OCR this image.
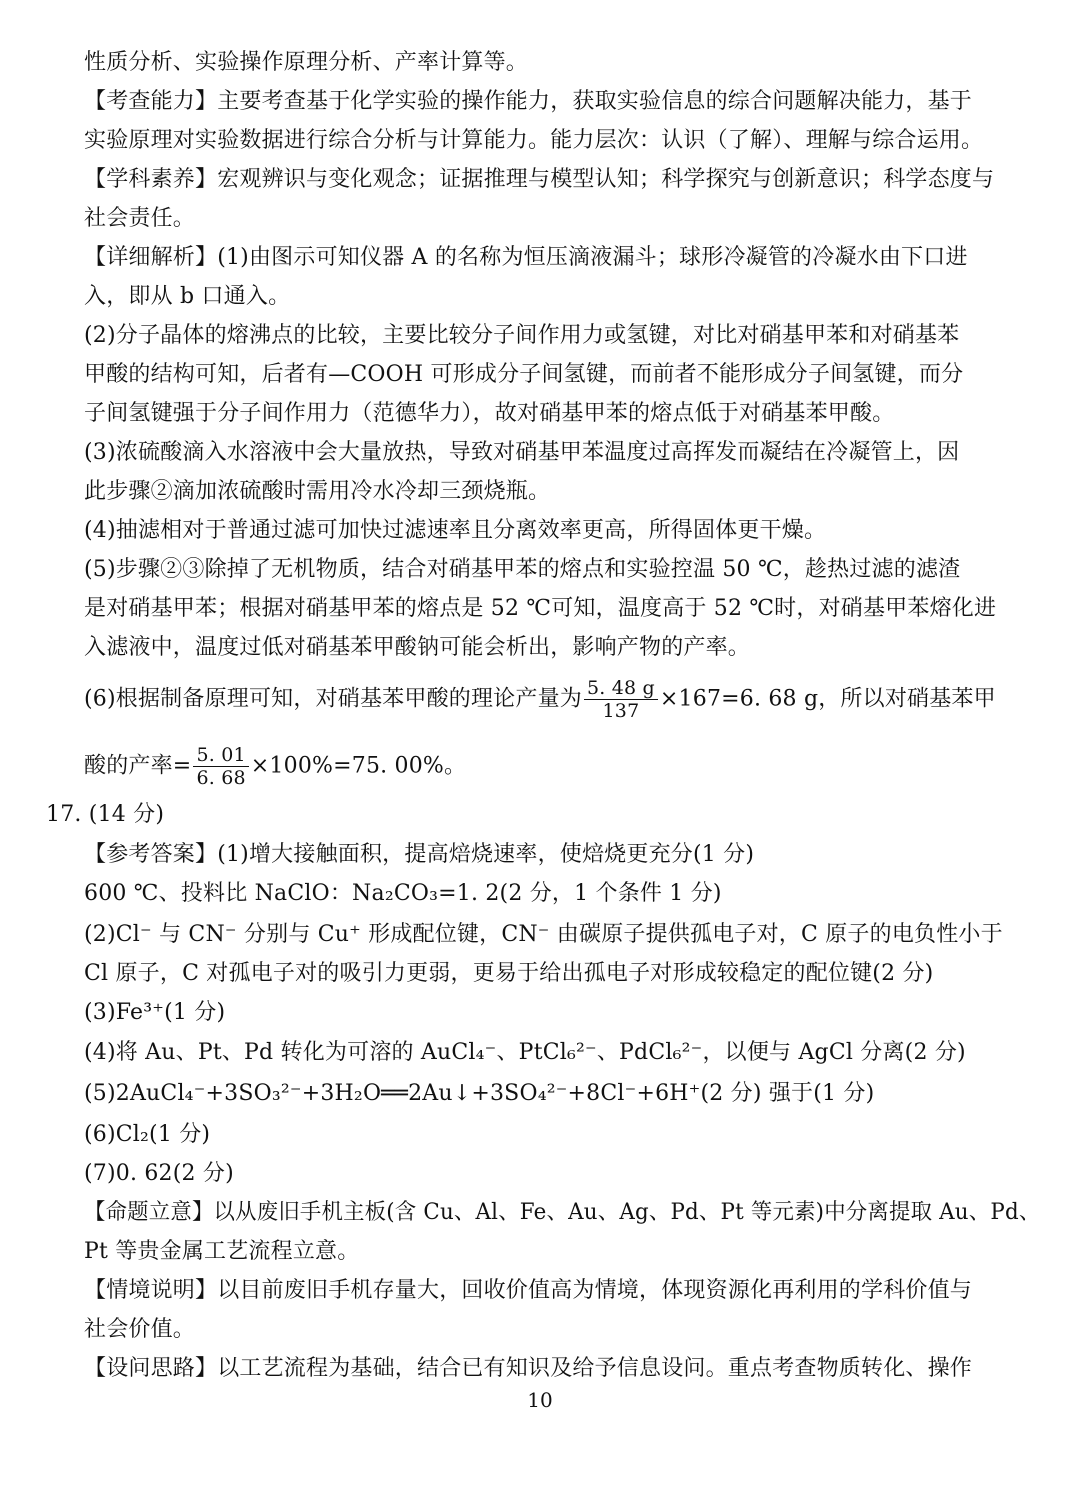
性质分析、实验操作原理分析、产率计算等。
【考查能力】主要考查基于化学实验的操作能力，获取实验信息的综合问题解决能力，基于
实验原理对实验数据进行综合分析与计算能力。能力层次：认识（了解）、理解与综合运用。
【学科素养】宏观辨识与变化观念；证据推理与模型认知；科学探究与创新意识；科学态度与
社会责任。
【详细解析】(1)由图示可知仪器 A 的名称为恒压滴液漏斗；球形冷凝管的冷凝水由下口进
入，即从 b 口通入。
(2)分子晶体的熔沸点的比较，主要比较分子间作用力或氢键，对比对硝基甲苯和对硝基苯
甲酸的结构可知，后者有—COOH 可形成分子间氢键，而前者不能形成分子间氢键，而分
子间氢键强于分子间作用力（范德华力），故对硝基甲苯的熔点低于对硝基苯甲酸。
(3)浓硫酸滴入水溶液中会大量放热，导致对硝基甲苯温度过高挥发而凝结在冷凝管上，因
此步骤②滴加浓硫酸时需用冷水冷却三颈烧瓶。
(4)抽滤相对于普通过滤可加快过滤速率且分离效率更高，所得固体更干燥。
(5)步骤②③除掉了无机物质，结合对硝基甲苯的熔点和实验控温 50 ℃，趁热过滤的滤渣
是对硝基甲苯；根据对硝基甲苯的熔点是 52 ℃可知，温度高于 52 ℃时，对硝基甲苯熔化进
入滤液中，温度过低对硝基苯甲酸钠可能会析出，影响产物的产率。
(6)根据制备原理可知，对硝基苯甲酸的理论产量为 $\frac{5. 48 g}{137} \times 167=6$. 68 g，所以对硝基苯甲
酸的产率= $\frac{5. 01}{6. 68} \times 100\%=75$. 00%。
17. (14 分)
【参考答案】(1)增大接触面积，提高焙烧速率，使焙烧更充分(1 分)
600 ℃、投料比 NaClO：Na₂CO₃=1. 2(2 分，1 个条件 1 分)
(2)Cl⁻ 与 CN⁻ 分别与 Cu⁺ 形成配位键，CN⁻ 由碳原子提供孤电子对，C 原子的电负性小于
Cl 原子，C 对孤电子对的吸引力更弱，更易于给出孤电子对形成较稳定的配位键(2 分)
(3)Fe³⁺(1 分)
(4)将 Au、Pt、Pd 转化为可溶的 AuCl₄⁻、PtCl₆²⁻、PdCl₆²⁻，以便与 AgCl 分离(2 分)
(5)2AuCl₄⁻+3SO₃²⁻+3H₂O══2Au↓+3SO₄²⁻+8Cl⁻+6H⁺(2 分) 强于(1 分)
(6)Cl₂(1 分)
(7)0. 62(2 分)
【命题立意】以从废旧手机主板(含 Cu、Al、Fe、Au、Ag、Pd、Pt 等元素)中分离提取 Au、Pd、
Pt 等贵金属工艺流程立意。
【情境说明】以目前废旧手机存量大，回收价值高为情境，体现资源化再利用的学科价值与
社会价值。
【设问思路】以工艺流程为基础，结合已有知识及给予信息设问。重点考查物质转化、操作
10
